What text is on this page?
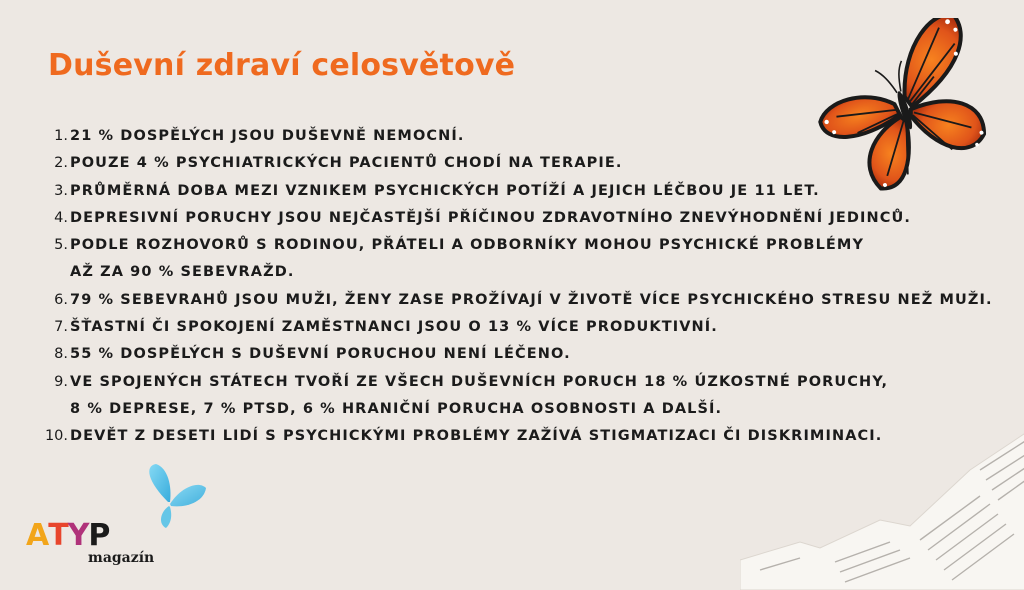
Duševní zdraví celosvětově
1. 21 % DOSPĚLÝCH JSOU DUŠEVNĚ NEMOCNÍ.
2. POUZE 4 % PSYCHIATRICKÝCH PACIENTŮ CHODÍ NA TERAPIE.
3. PRŮMĚRNÁ DOBA MEZI VZNIKEM PSYCHICKÝCH POTÍŽÍ A JEJICH LÉČBOU JE 11 LET.
4. DEPRESIVNÍ PORUCHY JSOU NEJČASTĚJŠÍ PŘÍČINOU ZDRAVOTNÍHO ZNEVÝHODNĚNÍ JEDINCŮ.
5. PODLE ROZHOVORŮ S RODINOU, PŘÁTELI A ODBORNÍKY MOHOU PSYCHICKÉ PROBLÉMY
AŽ ZA 90 % SEBEVRAŽD.
6. 79 % SEBEVRAHŮ JSOU MUŽI, ŽENY ZASE PROŽÍVAJÍ V ŽIVOTĚ VÍCE PSYCHICKÉHO STRESU NEŽ MUŽI.
7. ŠŤASTNÍ ČI SPOKOJENÍ ZAMĚSTNANCI JSOU O 13 % VÍCE PRODUKTIVNÍ.
8. 55 % DOSPĚLÝCH S DUŠEVNÍ PORUCHOU NENÍ LÉČENO.
9. VE SPOJENÝCH STÁTECH TVOŘÍ ZE VŠECH DUŠEVNÍCH PORUCH 18 % ÚZKOSTNÉ PORUCHY,
8 % DEPRESE, 7 % PTSD, 6 % HRANIČNÍ PORUCHA OSOBNOSTI A DALŠÍ.
10. DEVĚT Z DESETI LIDÍ S PSYCHICKÝMI PROBLÉMY ZAŽÍVÁ STIGMATIZACI ČI DISKRIMINACI.
ATYP
magazín
